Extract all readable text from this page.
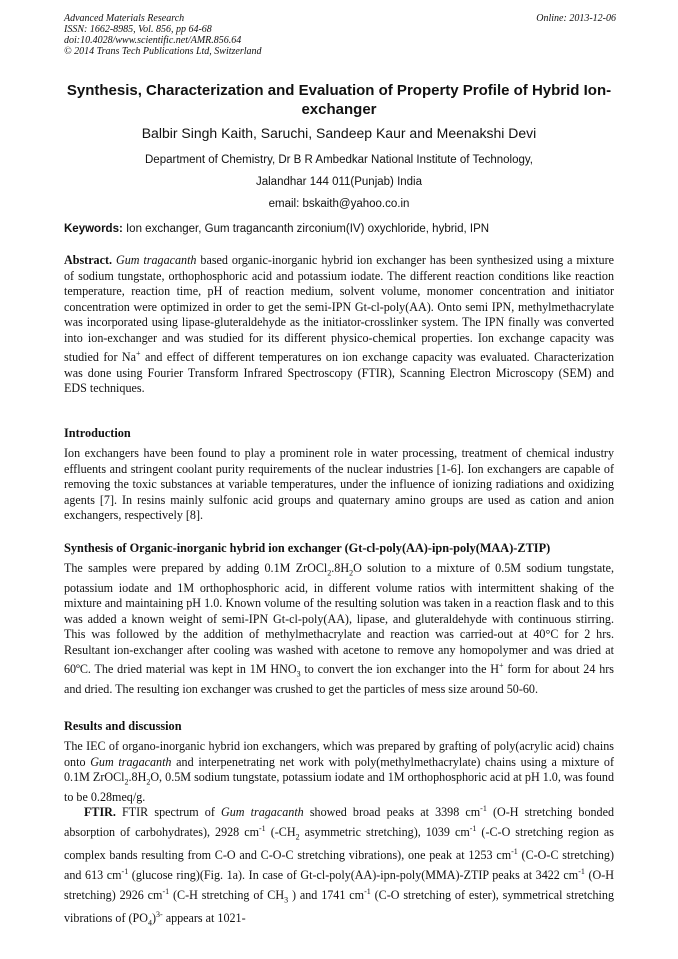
Advanced Materials Research
ISSN: 1662-8985, Vol. 856, pp 64-68
doi:10.4028/www.scientific.net/AMR.856.64
© 2014 Trans Tech Publications Ltd, Switzerland
Online: 2013-12-06
Synthesis, Characterization and Evaluation of Property Profile of Hybrid Ion- exchanger
Balbir Singh Kaith, Saruchi, Sandeep Kaur and Meenakshi Devi
Department of Chemistry, Dr B R Ambedkar National Institute of Technology,
Jalandhar 144 011(Punjab) India
email: bskaith@yahoo.co.in
Keywords: Ion exchanger, Gum tragancanth zirconium(IV) oxychloride, hybrid, IPN
Abstract. Gum tragacanth based organic-inorganic hybrid ion exchanger has been synthesized using a mixture of sodium tungstate, orthophosphoric acid and potassium iodate. The different reaction conditions like reaction temperature, reaction time, pH of reaction medium, solvent volume, monomer concentration and initiator concentration were optimized in order to get the semi-IPN Gt-cl-poly(AA). Onto semi IPN, methylmethacrylate was incorporated using lipase-gluteraldehyde as the initiator-crosslinker system. The IPN finally was converted into ion-exchanger and was studied for its different physico-chemical properties. Ion exchange capacity was studied for Na+ and effect of different temperatures on ion exchange capacity was evaluated. Characterization was done using Fourier Transform Infrared Spectroscopy (FTIR), Scanning Electron Microscopy (SEM) and EDS techniques.
Introduction
Ion exchangers have been found to play a prominent role in water processing, treatment of chemical industry effluents and stringent coolant purity requirements of the nuclear industries [1-6]. Ion exchangers are capable of removing the toxic substances at variable temperatures, under the influence of ionizing radiations and oxidizing agents [7]. In resins mainly sulfonic acid groups and quaternary amino groups are used as cation and anion exchangers, respectively [8].
Synthesis of Organic-inorganic hybrid ion exchanger (Gt-cl-poly(AA)-ipn-poly(MAA)-ZTIP)
The samples were prepared by adding 0.1M $ZrOCl_2.8H_2O$ solution to a mixture of 0.5M sodium tungstate, potassium iodate and 1M orthophosphoric acid, in different volume ratios with intermittent shaking of the mixture and maintaining pH 1.0. Known volume of the resulting solution was taken in a reaction flask and to this was added a known weight of semi-IPN Gt-cl-poly(AA), lipase, and gluteraldehyde with continuous stirring. This was followed by the addition of methylmethacrylate and reaction was carried-out at 40°C for 2 hrs. Resultant ion-exchanger after cooling was washed with acetone to remove any homopolymer and was dried at 60ºC. The dried material was kept in 1M $HNO_3$ to convert the ion exchanger into the H+ form for about 24 hrs and dried. The resulting ion exchanger was crushed to get the particles of mess size around 50-60.
Results and discussion
The IEC of organo-inorganic hybrid ion exchangers, which was prepared by grafting of poly(acrylic acid) chains onto Gum tragacanth and interpenetrating net work with poly(methylmethacrylate) chains using a mixture of 0.1M $ZrOCl_2.8H_2O$, 0.5M sodium tungstate, potassium iodate and 1M orthophosphoric acid at pH 1.0, was found to be 0.28meq/g.
FTIR. FTIR spectrum of Gum tragacanth showed broad peaks at 3398 $cm^{-1}$ (O-H stretching bonded absorption of carbohydrates), 2928 $cm^{-1}$ ($-CH_2$ asymmetric stretching), 1039 $cm^{-1}$ (-C-O stretching region as complex bands resulting from C-O and C-O-C stretching vibrations), one peak at 1253 $cm^{-1}$ (C-O-C stretching) and 613 $cm^{-1}$ (glucose ring)(Fig. 1a). In case of Gt-cl-poly(AA)-ipn-poly(MMA)-ZTIP peaks at 3422 $cm^{-1}$ (O-H stretching) 2926 $cm^{-1}$ (C-H stretching of $CH_3$ ) and 1741 $cm^{-1}$ (C-O stretching of ester), symmetrical stretching vibrations of $(PO_4)^{3-}$ appears at 1021-
